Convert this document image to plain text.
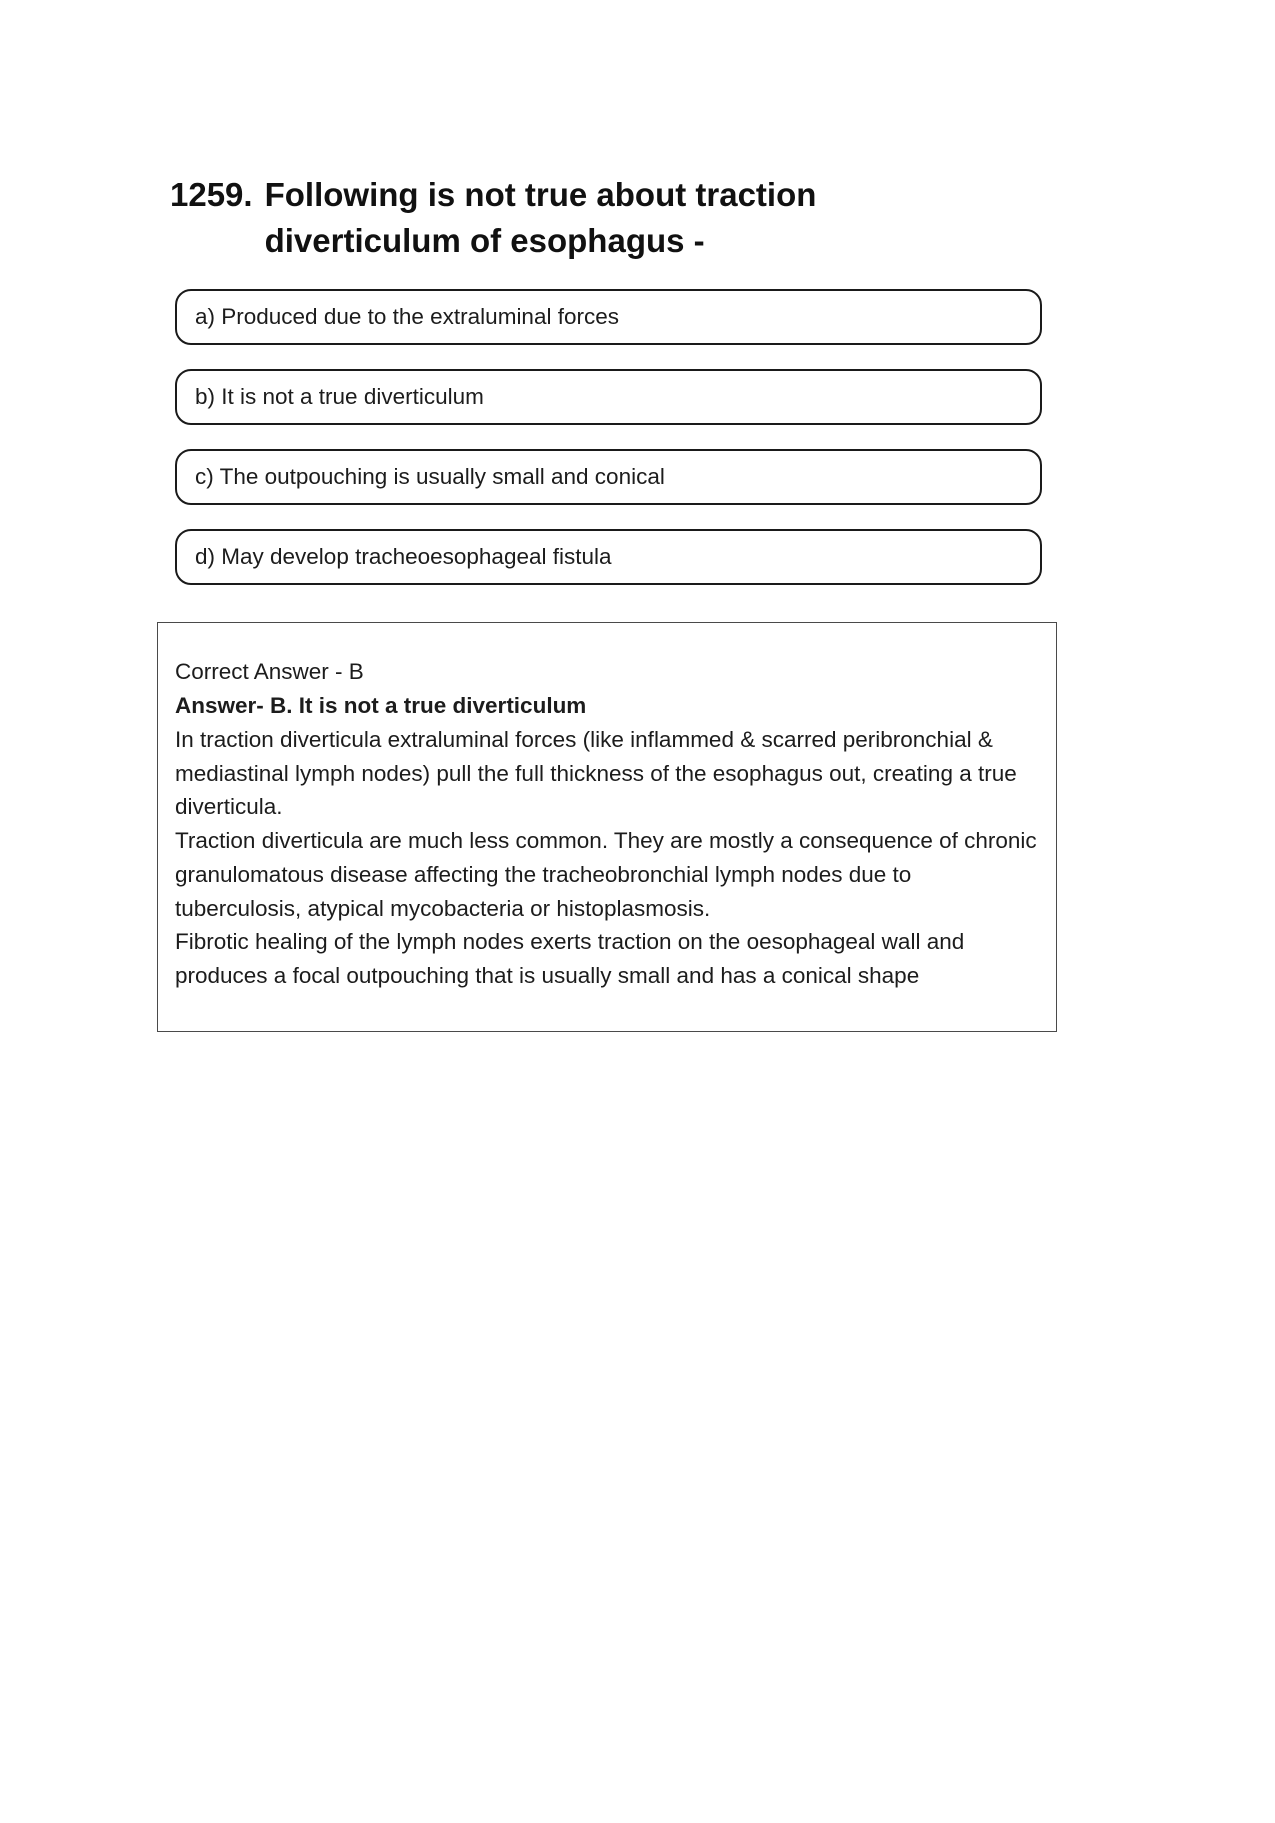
1259. Following is not true about traction diverticulum of esophagus -
a) Produced due to the extraluminal forces
b) It is not a true diverticulum
c) The outpouching is usually small and conical
d) May develop tracheoesophageal fistula
Correct Answer - B
Answer- B. It is not a true diverticulum
In traction diverticula extraluminal forces (like inflammed & scarred peribronchial & mediastinal lymph nodes) pull the full thickness of the esophagus out, creating a true diverticula.
Traction diverticula are much less common. They are mostly a consequence of chronic granulomatous disease affecting the tracheobronchial lymph nodes due to tuberculosis, atypical mycobacteria or histoplasmosis.
Fibrotic healing of the lymph nodes exerts traction on the oesophageal wall and produces a focal outpouching that is usually small and has a conical shape
